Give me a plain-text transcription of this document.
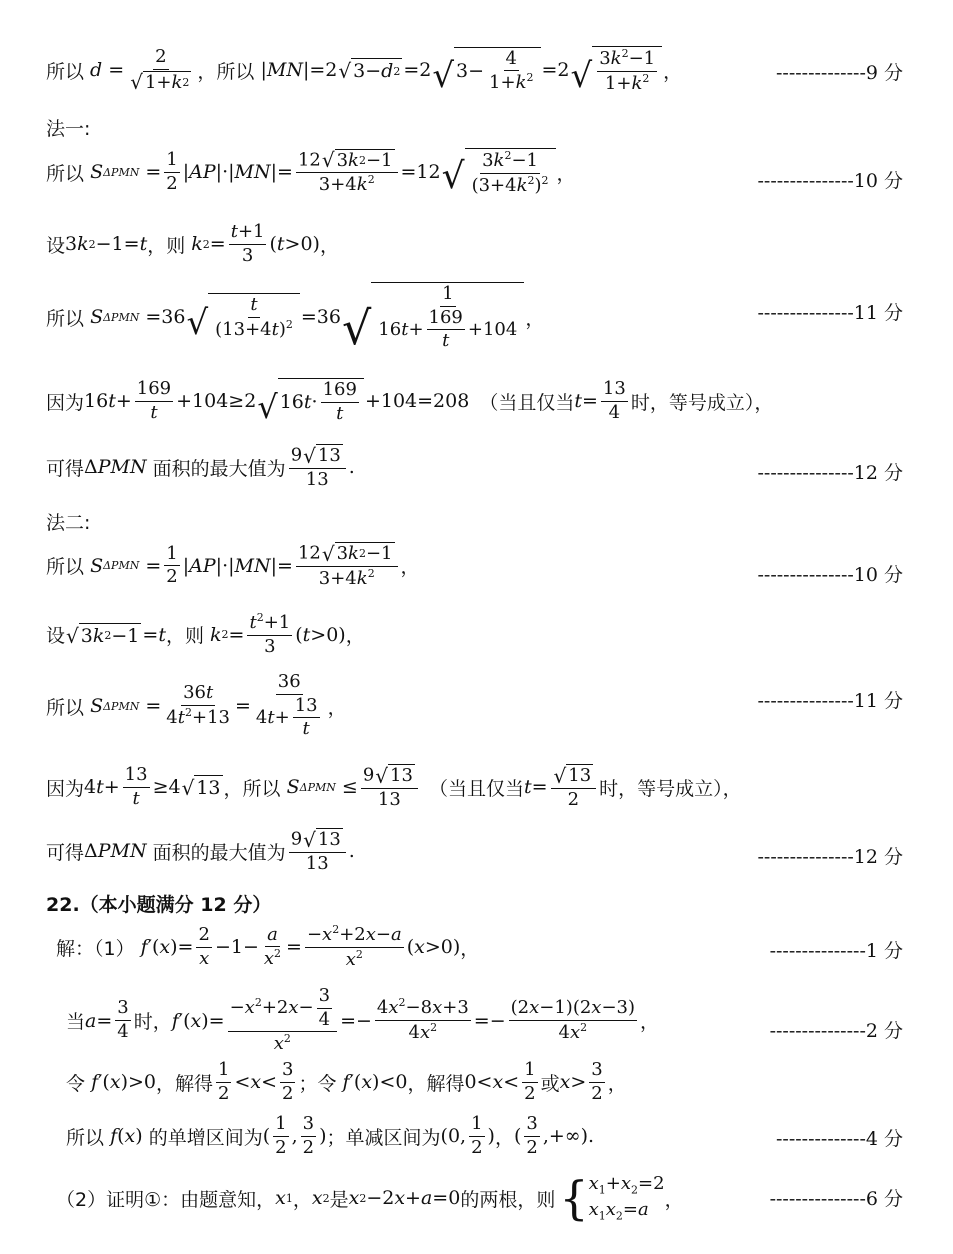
所以 $d = \frac{2}{√ 1+ k 2}$ ，所以 | MN |=2 √ 3− d 2 =2 √ $3- \frac{4}{1+k^2} =2$ √ $\frac{3k^2-1}{1+k^2}$ ，	--------------9 分
法一:
所以
S $\Delta PMN = \frac{1}{2}$ | AP |·| MN |= $\frac{12 √ 3 k 2 -1}{3+4k^2} =12$ √ $\frac{3k^2-1}{(3+4k^2)^2}$ ，	---------------10 分
设 3 k 2 −1= t ，则
k $2 = \frac{t+1}{3}$ ( t >0) ，
所以
S ΔPMN =36 √ $\frac{t}{(13+4t)^2} =36$ √ $\frac{1}{16t+ \frac{169}{t} +104}$ ，	---------------11 分
因为 16 $t + \frac{169}{t} +104\ge 2$ √ 16 $t \cdot \frac{169}{t} +104=208$ （当且仅当 $t = \frac{13}{4}$ 时，等号成立），
可得 Δ PMN
面积的最大值为 $\frac{9 √ 13}{13}$ .	---------------12 分
法二:
所以
S $\Delta PMN = \frac{1}{2}$ | AP |·| MN |= $\frac{12 √ 3 k 2 -1}{3+4k^2}$ ，	---------------10 分
设 √ 3 k 2 −1 = t ，则
k $2 = \frac{t^2+1}{3}$ ( t >0) ，
所以
S $\Delta PMN = \frac{36t}{4t^2+13} = \frac{36}{4t+ \frac{13}{t}}$ ，	---------------11 分
因为 4 $t + \frac{13}{t} \ge 4$ √ 13 ，所以
S $\Delta PMN \le \frac{9 √ 13}{13}$ （当且仅当 $t = \frac{√ 13}{2}$ 时，等号成立），
可得 Δ PMN
面积的最大值为 $\frac{9 √ 13}{13}$ .	---------------12 分
22.（本小题满分 12 分）
解：（1）
f ′( x )= $\frac{2}{x} -1- \frac{a}{x^2} = \frac{-x^2+2x-a}{x^2}$ ( x >0) ，	---------------1 分
当 $a = \frac{3}{4}$ 时， f ′( x )= $\frac{-x^2+2x- \frac{3}{4}}{x^2} =- \frac{4x^2-8x+3}{4x^2} =- \frac{(2x-1)(2x-3)}{4x^2}$ ，	---------------2 分
令
f ′( x )>0 ，解得 $\frac{1}{2} < x < \frac{3}{2}$ ；令
f ′( x )<0 ，解得 $0< x < \frac{1}{2}$ 或 $x > \frac{3}{2}$ ，
所以
f ( x ) 的单增区间为 ( $\frac{1}{2}$ , $\frac{3}{2}$ ) ；单减区间为 (0, $\frac{1}{2}$ ) ， ( $\frac{3}{2}$ ,+∞) .	--------------4 分
（2）证明①：由题意知， x 1 ， x 2 是 x 2 −2 x + a =0 的两根，则 { $x_1+x_2=2$
$x_1x_2=a$ ，	---------------6 分
